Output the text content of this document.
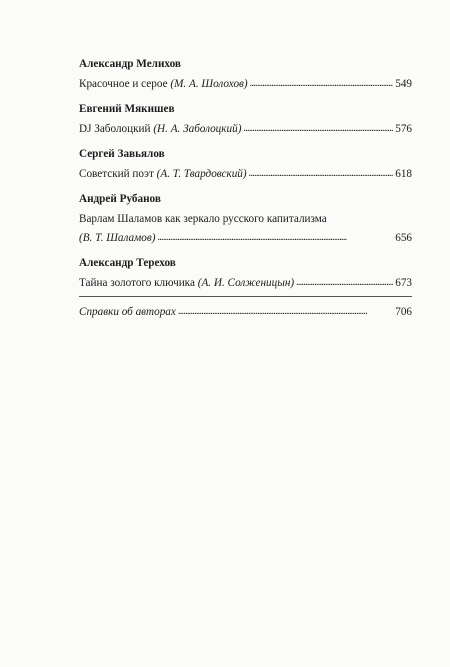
Александр Мелихов

Красочное и серое (М. А. Шолохов) . . .	549

Евгений Мякишев

DJ Заболоцкий (Н. А. Заболоцкий) . . .	576

Сергей Завьялов

Советский поэт (А. Т. Твардовский) . . .	618

Андрей Рубанов

Варлам Шаламов как зеркало русского капитализма
(В. Т. Шаламов) . . .	656

Александр Терехов

Тайна золотого ключика (А. И. Солженицын) . . .	673
Справки об авторах . . .	706
